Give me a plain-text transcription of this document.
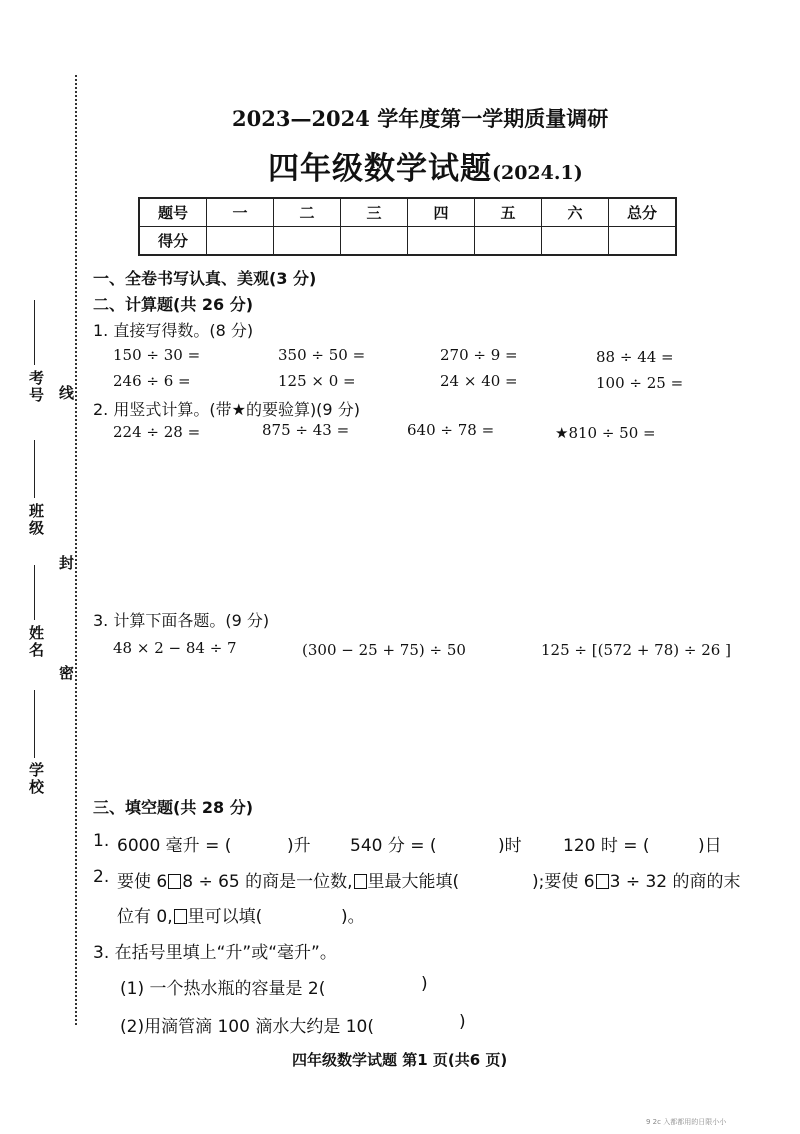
线
封
密
考号
班级
姓名
学校
2023—2024 学年度第一学期质量调研
四年级数学试题(2024.1)
题号	一	二	三	四	五	六	总分
得分							
一、全卷书写认真、美观(3 分)
二、计算题(共 26 分)
1. 直接写得数。(8 分)
150 ÷ 30 =	350 ÷ 50 =	270 ÷ 9 =	88 ÷ 44 =
246 ÷ 6 =	125 × 0 =	24 × 40 =	100 ÷ 25 =
2. 用竖式计算。(带★的要验算)(9 分)
224 ÷ 28 =	875 ÷ 43 =	640 ÷ 78 =	★810 ÷ 50 =
3. 计算下面各题。(9 分)
48 × 2 − 84 ÷ 7	(300 − 25 + 75) ÷ 50	125 ÷ [(572 + 78) ÷ 26 ]
三、填空题(共 28 分)
1. 6000 毫升 = (	)升 540 分 = (	)时 120 时 = (	)日
2. 要使 6 8 ÷ 65 的商是一位数, 里最大能填(	);要使 6 3 ÷ 32 的商的末
位有 0, 里可以填(	)。
3. 在括号里填上“升”或“毫升”。
(1) 一个热水瓶的容量是 2(	)
(2)用滴管滴 100 滴水大约是 10(	)
四年级数学试题 第1 页(共6 页)
9 2c 入都都用的日限小小
